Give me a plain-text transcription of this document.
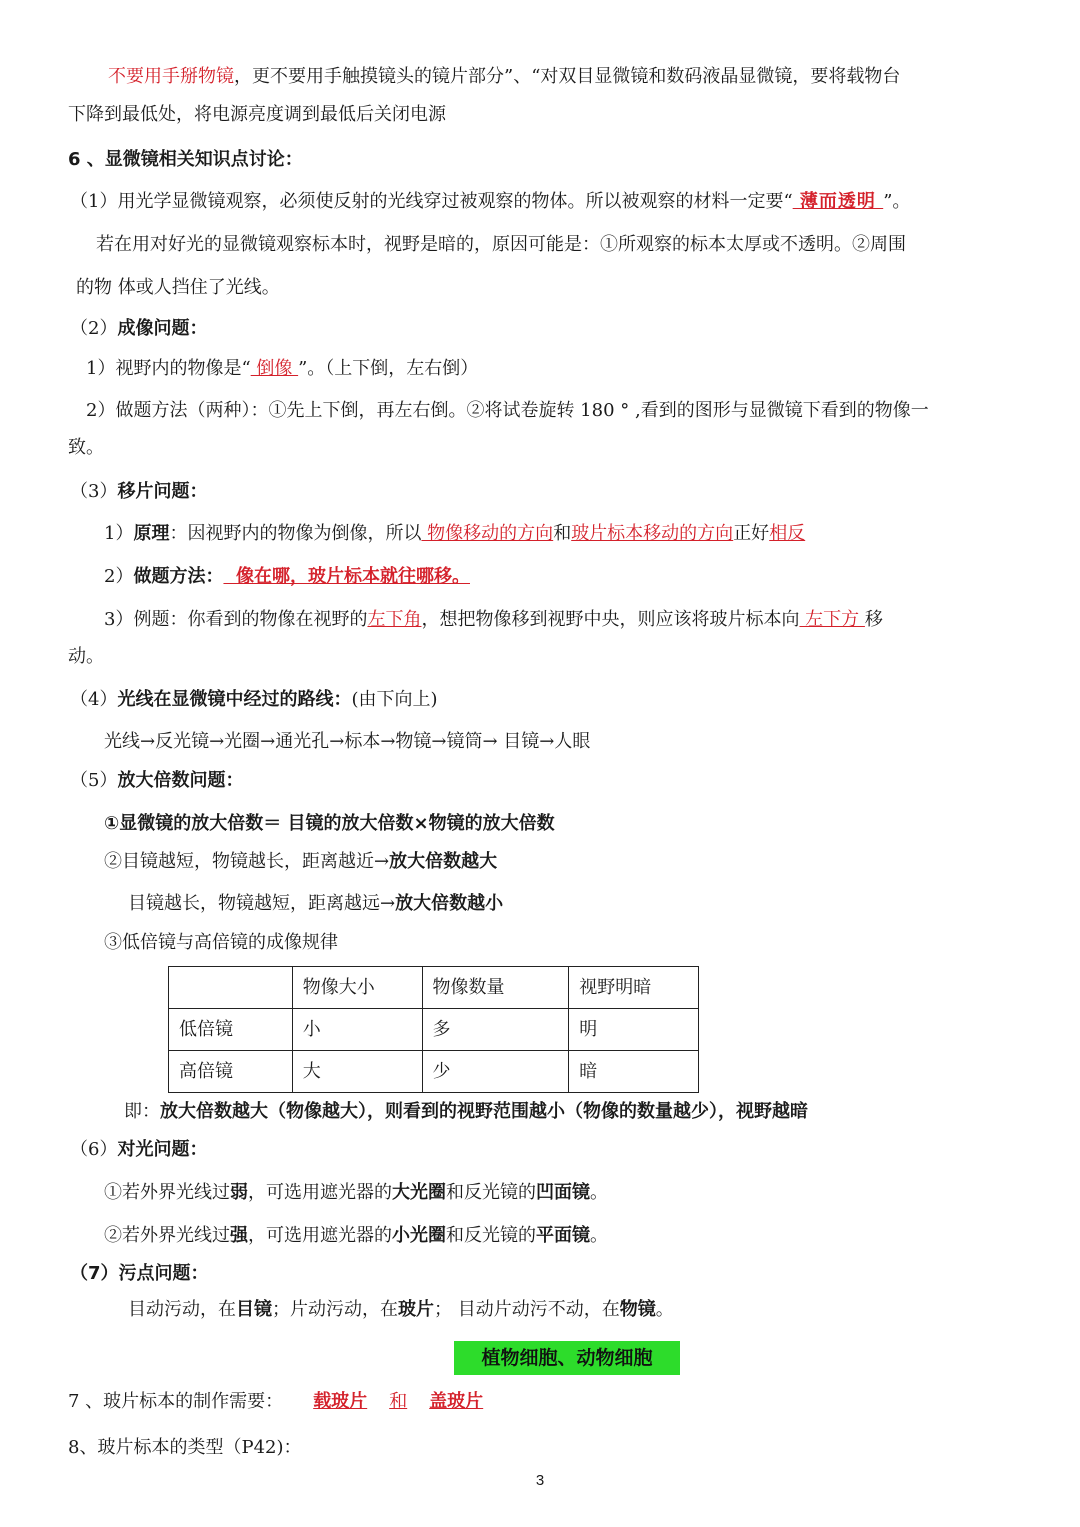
不要用手掰物镜，更不要用手触摸镜头的镜片部分”、“对双目显微镜和数码液晶显微镜，要将载物台
下降到最低处，将电源亮度调到最低后关闭电源
6 、显微镜相关知识点讨论：
（1）用光学显微镜观察，必须使反射的光线穿过被观察的物体。所以被观察的材料一定要“ 薄而透明 ”。
若在用对好光的显微镜观察标本时，视野是暗的，原因可能是：①所观察的标本太厚或不透明。②周围
的物 体或人挡住了光线。
（2）成像问题：
1）视野内的物像是“ 倒像 ”。（上下倒，左右倒）
2）做题方法（两种）：①先上下倒，再左右倒。②将试卷旋转 180 ° ,看到的图形与显微镜下看到的物像一
致。
（3）移片问题：
1）原理：因视野内的物像为倒像，所以 物像移动的方向和玻片标本移动的方向正好相反
2）做题方法：  像在哪，玻片标本就往哪移。
3）例题：你看到的物像在视野的左下角，想把物像移到视野中央，则应该将玻片标本向 左下方 移
动。
（4）光线在显微镜中经过的路线：(由下向上)
光线→反光镜→光圈→通光孔→标本→物镜→镜筒→ 目镜→人眼
（5）放大倍数问题：
①显微镜的放大倍数＝ 目镜的放大倍数×物镜的放大倍数
②目镜越短，物镜越长，距离越近→放大倍数越大
目镜越长，物镜越短，距离越远→放大倍数越小
③低倍镜与高倍镜的成像规律
	物像大小	物像数量	视野明暗
低倍镜	小	多	明
高倍镜	大	少	暗
即：放大倍数越大（物像越大），则看到的视野范围越小（物像的数量越少），视野越暗
（6）对光问题：
①若外界光线过弱，可选用遮光器的大光圈和反光镜的凹面镜。
②若外界光线过强，可选用遮光器的小光圈和反光镜的平面镜。
（7）污点问题：
目动污动，在目镜；片动污动，在玻片； 目动片动污不动，在物镜。
植物细胞、动物细胞
7 、玻片标本的制作需要： 载玻片 和 盖玻片
8、玻片标本的类型（P42)：
3
